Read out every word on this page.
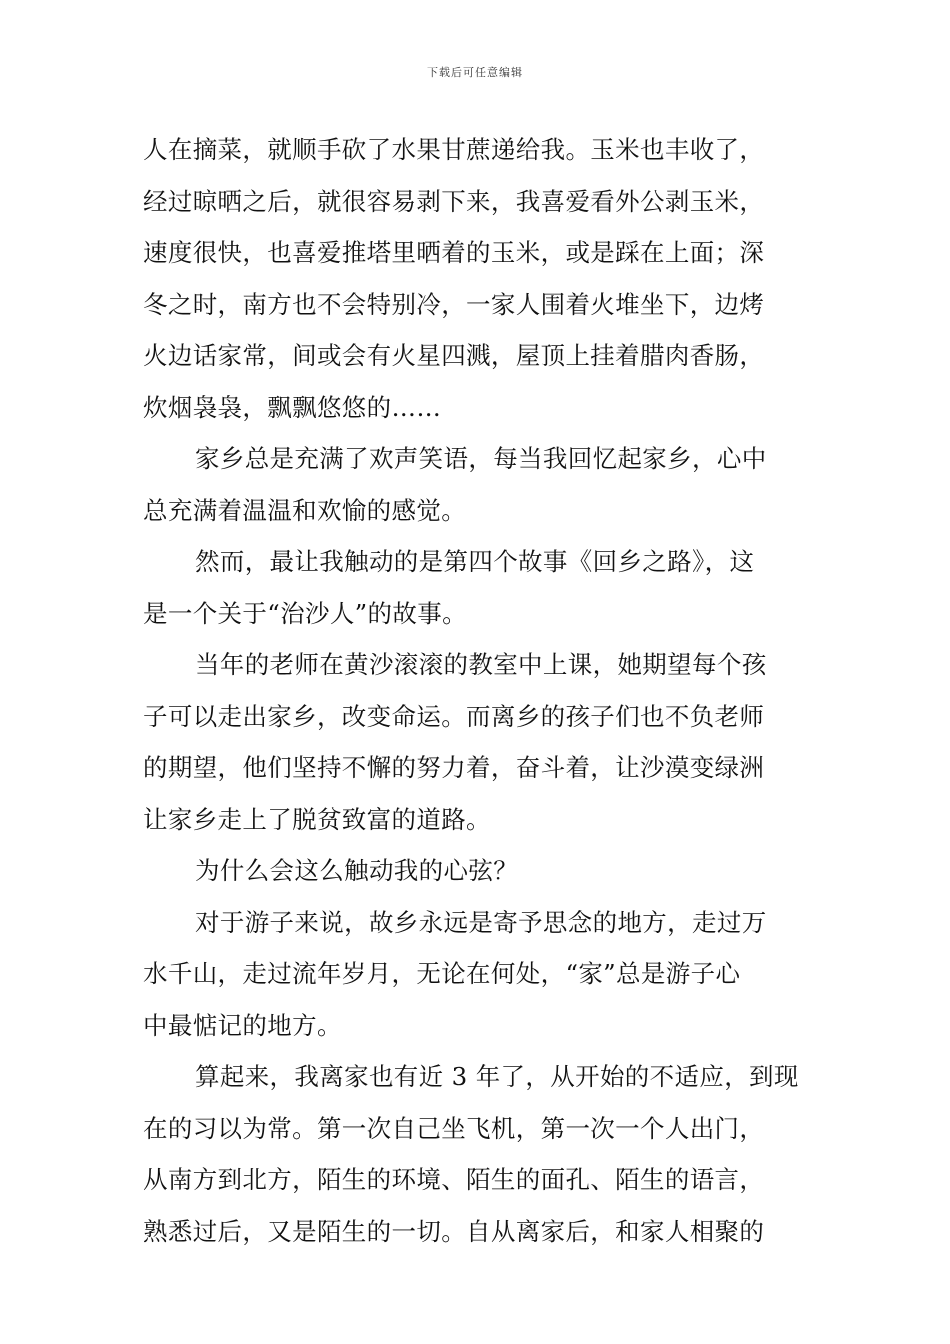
下载后可任意编辑
人在摘菜，就顺手砍了水果甘蔗递给我。玉米也丰收了，
经过晾晒之后，就很容易剥下来，我喜爱看外公剥玉米，
速度很快，也喜爱推塔里晒着的玉米，或是踩在上面；深
冬之时，南方也不会特别冷，一家人围着火堆坐下，边烤
火边话家常，间或会有火星四溅，屋顶上挂着腊肉香肠，
炊烟袅袅，飘飘悠悠的……
家乡总是充满了欢声笑语，每当我回忆起家乡，心中
总充满着温温和欢愉的感觉。
然而，最让我触动的是第四个故事《回乡之路》，这
是一个关于“治沙人”的故事。
当年的老师在黄沙滚滚的教室中上课，她期望每个孩
子可以走出家乡，改变命运。而离乡的孩子们也不负老师
的期望，他们坚持不懈的努力着，奋斗着，让沙漠变绿洲
让家乡走上了脱贫致富的道路。
为什么会这么触动我的心弦？
对于游子来说，故乡永远是寄予思念的地方，走过万
水千山，走过流年岁月，无论在何处，“家”总是游子心
中最惦记的地方。
算起来，我离家也有近 3 年了，从开始的不适应，到现
在的习以为常。第一次自己坐飞机，第一次一个人出门，
从南方到北方，陌生的环境、陌生的面孔、陌生的语言，
熟悉过后，又是陌生的一切。自从离家后，和家人相聚的
